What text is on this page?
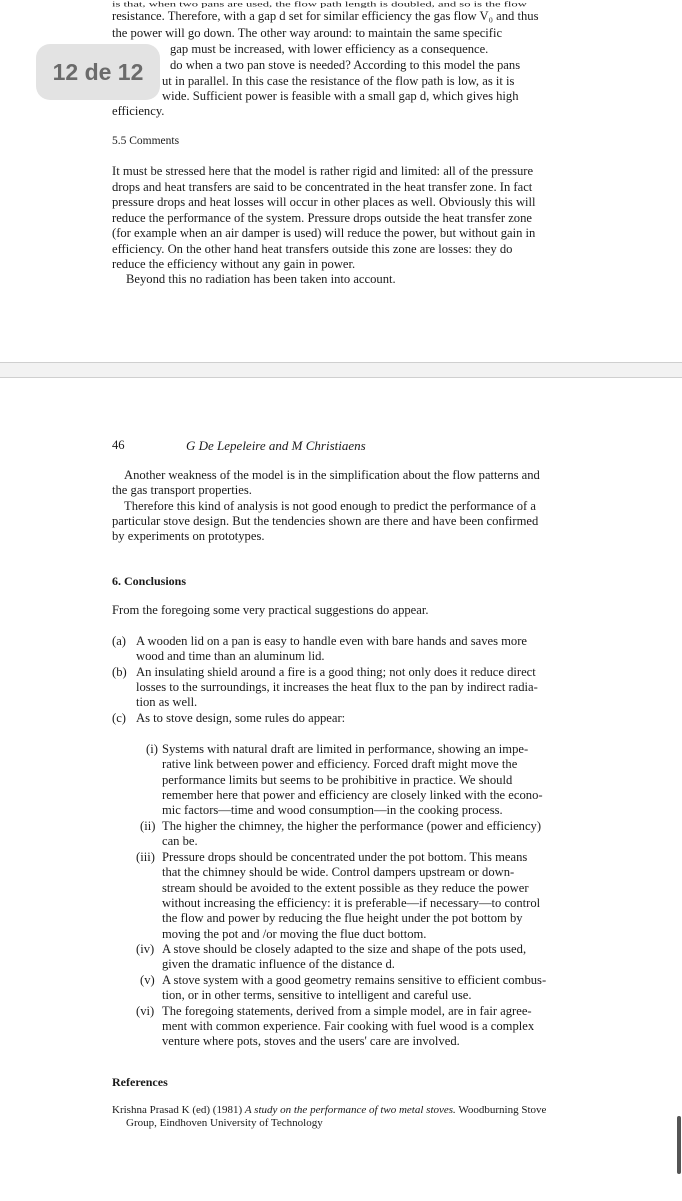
is that, when two pans are used, the flow path length is doubled, and so is the flow

resistance. Therefore, with a gap d set for similar efficiency the gas flow V₀ and thus

the power will go down. The other way around: to maintain the same specific

gap must be increased, with lower efficiency as a consequence.

do when a two pan stove is needed? According to this model the pans

ut in parallel. In this case the resistance of the flow path is low, as it is

wide. Sufficient power is feasible with a small gap d, which gives high

efficiency.

5.5 Comments

It must be stressed here that the model is rather rigid and limited: all of the pressure

drops and heat transfers are said to be concentrated in the heat transfer zone. In fact

pressure drops and heat losses will occur in other places as well. Obviously this will

reduce the performance of the system. Pressure drops outside the heat transfer zone

(for example when an air damper is used) will reduce the power, but without gain in

efficiency. On the other hand heat transfers outside this zone are losses: they do

reduce the efficiency without any gain in power.

Beyond this no radiation has been taken into account.

12 de 12

46	G De Lepeleire and M Christiaens

Another weakness of the model is in the simplification about the flow patterns and

the gas transport properties.

Therefore this kind of analysis is not good enough to predict the performance of a

particular stove design. But the tendencies shown are there and have been confirmed

by experiments on prototypes.

6. Conclusions

From the foregoing some very practical suggestions do appear.

(a) A wooden lid on a pan is easy to handle even with bare hands and saves more

wood and time than an aluminum lid.

(b) An insulating shield around a fire is a good thing; not only does it reduce direct

losses to the surroundings, it increases the heat flux to the pan by indirect radia-

tion as well.

(c) As to stove design, some rules do appear:

(i) Systems with natural draft are limited in performance, showing an impe-

rative link between power and efficiency. Forced draft might move the

performance limits but seems to be prohibitive in practice. We should

remember here that power and efficiency are closely linked with the econo-

mic factors—time and wood consumption—in the cooking process.

(ii) The higher the chimney, the higher the performance (power and efficiency)

can be.

(iii) Pressure drops should be concentrated under the pot bottom. This means

that the chimney should be wide. Control dampers upstream or down-

stream should be avoided to the extent possible as they reduce the power

without increasing the efficiency: it is preferable—if necessary—to control

the flow and power by reducing the flue height under the pot bottom by

moving the pot and /or moving the flue duct bottom.

(iv) A stove should be closely adapted to the size and shape of the pots used,

given the dramatic influence of the distance d.

(v) A stove system with a good geometry remains sensitive to efficient combus-

tion, or in other terms, sensitive to intelligent and careful use.

(vi) The foregoing statements, derived from a simple model, are in fair agree-

ment with common experience. Fair cooking with fuel wood is a complex

venture where pots, stoves and the users' care are involved.

References

Krishna Prasad K (ed) (1981) A study on the performance of two metal stoves. Woodburning Stove

Group, Eindhoven University of Technology
